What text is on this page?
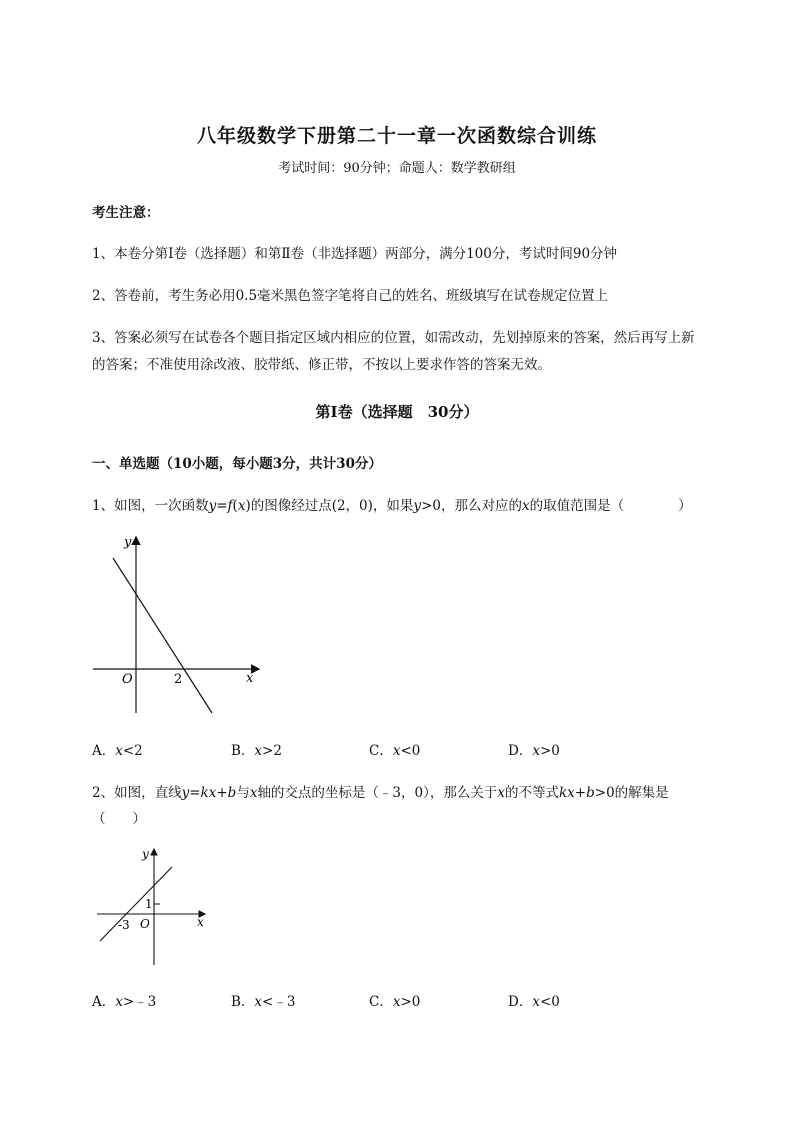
八年级数学下册第二十一章一次函数综合训练
考试时间：90分钟；命题人：数学教研组
考生注意：
1、本卷分第I卷（选择题）和第Ⅱ卷（非选择题）两部分，满分100分，考试时间90分钟
2、答卷前，考生务必用0.5毫米黑色签字笔将自己的姓名、班级填写在试卷规定位置上
3、答案必须写在试卷各个题目指定区域内相应的位置，如需改动，先划掉原来的答案，然后再写上新
的答案；不准使用涂改液、胶带纸、修正带，不按以上要求作答的答案无效。
第I卷（选择题　30分）
一、单选题（10小题，每小题3分，共计30分）
1、如图，一次函数y=f(x)的图像经过点(2，0)，如果y>0，那么对应的x的取值范围是（　　　　）
y
x
O	2
A．x<2	B．x>2	C．x<0	D．x>0
2、如图，直线y=kx+b与x轴的交点的坐标是（﹣3，0），那么关于x的不等式kx+b>0的解集是
（　　）
y
x
O
1
-3
A．x>﹣3	B．x<﹣3	C．x>0	D．x<0
